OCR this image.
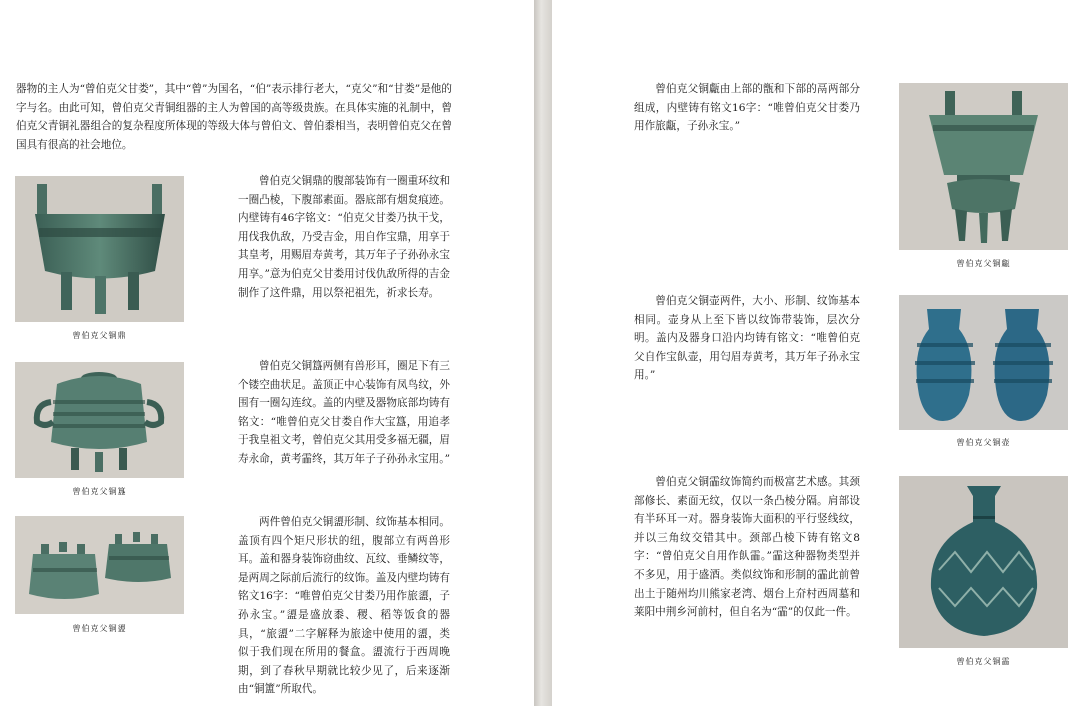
器物的主人为“曾伯克父甘娄”，其中“曾”为国名，“伯”表示排行老大，“克父”和“甘娄”是他的字与名。由此可知，曾伯克父青铜组器的主人为曾国的高等级贵族。在具体实施的礼制中，曾伯克父青铜礼器组合的复杂程度所体现的等级大体与曾伯文、曾伯黍相当，表明曾伯克父在曾国具有很高的社会地位。

曾伯克父铜鼎

曾伯克父铜鼎的腹部装饰有一圈重环纹和一圈凸棱，下腹部素面。器底部有烟炱痕迹。内壁铸有46字铭文：“伯克父甘娄乃执干戈，用伐我仇敌，乃受吉金，用自作宝鼎，用享于其皇考，用赐眉寿黄考，其万年子子孙孙永宝用享。”意为伯克父甘娄用讨伐仇敌所得的吉金制作了这件鼎，用以祭祀祖先，祈求长寿。

曾伯克父铜簋

曾伯克父铜簋两侧有兽形耳，圈足下有三个镂空曲状足。盖顶正中心装饰有凤鸟纹，外围有一圈勾连纹。盖的内壁及器物底部均铸有铭文：“唯曾伯克父甘娄自作大宝簋，用追孝于我皇祖文考，曾伯克父其用受多福无疆，眉寿永命，黄考霝终，其万年子子孙孙永宝用。”

曾伯克父铜盨

两件曾伯克父铜盨形制、纹饰基本相同。盖顶有四个矩尺形状的纽，腹部立有两兽形耳。盖和器身装饰窃曲纹、瓦纹、垂鳞纹等，是两周之际前后流行的纹饰。盖及内壁均铸有铭文16字：“唯曾伯克父甘娄乃用作旅盨，子孙永宝。”盨是盛放黍、稷、稻等饭食的器具，“旅盨”二字解释为旅途中使用的盨，类似于我们现在所用的餐盒。盨流行于西周晚期，到了春秋早期就比较少见了，后来逐渐由“铜簠”所取代。

曾伯克父铜甗由上部的甑和下部的鬲两部分组成，内壁铸有铭文16字：“唯曾伯克父甘娄乃用作旅甗，子孙永宝。”

曾伯克父铜甗

曾伯克父铜壶两件，大小、形制、纹饰基本相同。壶身从上至下皆以纹饰带装饰，层次分明。盖内及器身口沿内均铸有铭文：“唯曾伯克父自作宝飤壶，用匄眉寿黄考，其万年子孙永宝用。”

曾伯克父铜壶

曾伯克父铜霝纹饰简约而极富艺术感。其颈部修长、素面无纹，仅以一条凸棱分隔。肩部设有半环耳一对。器身装饰大面积的平行竖线纹，并以三角纹交错其中。颈部凸棱下铸有铭文8字：“曾伯克父自用作飤霝。”霝这种器物类型并不多见，用于盛酒。类似纹饰和形制的霝此前曾出土于随州均川熊家老湾、烟台上夼村西周墓和莱阳中荆乡河前村，但自名为“霝”的仅此一件。

曾伯克父铜霝
